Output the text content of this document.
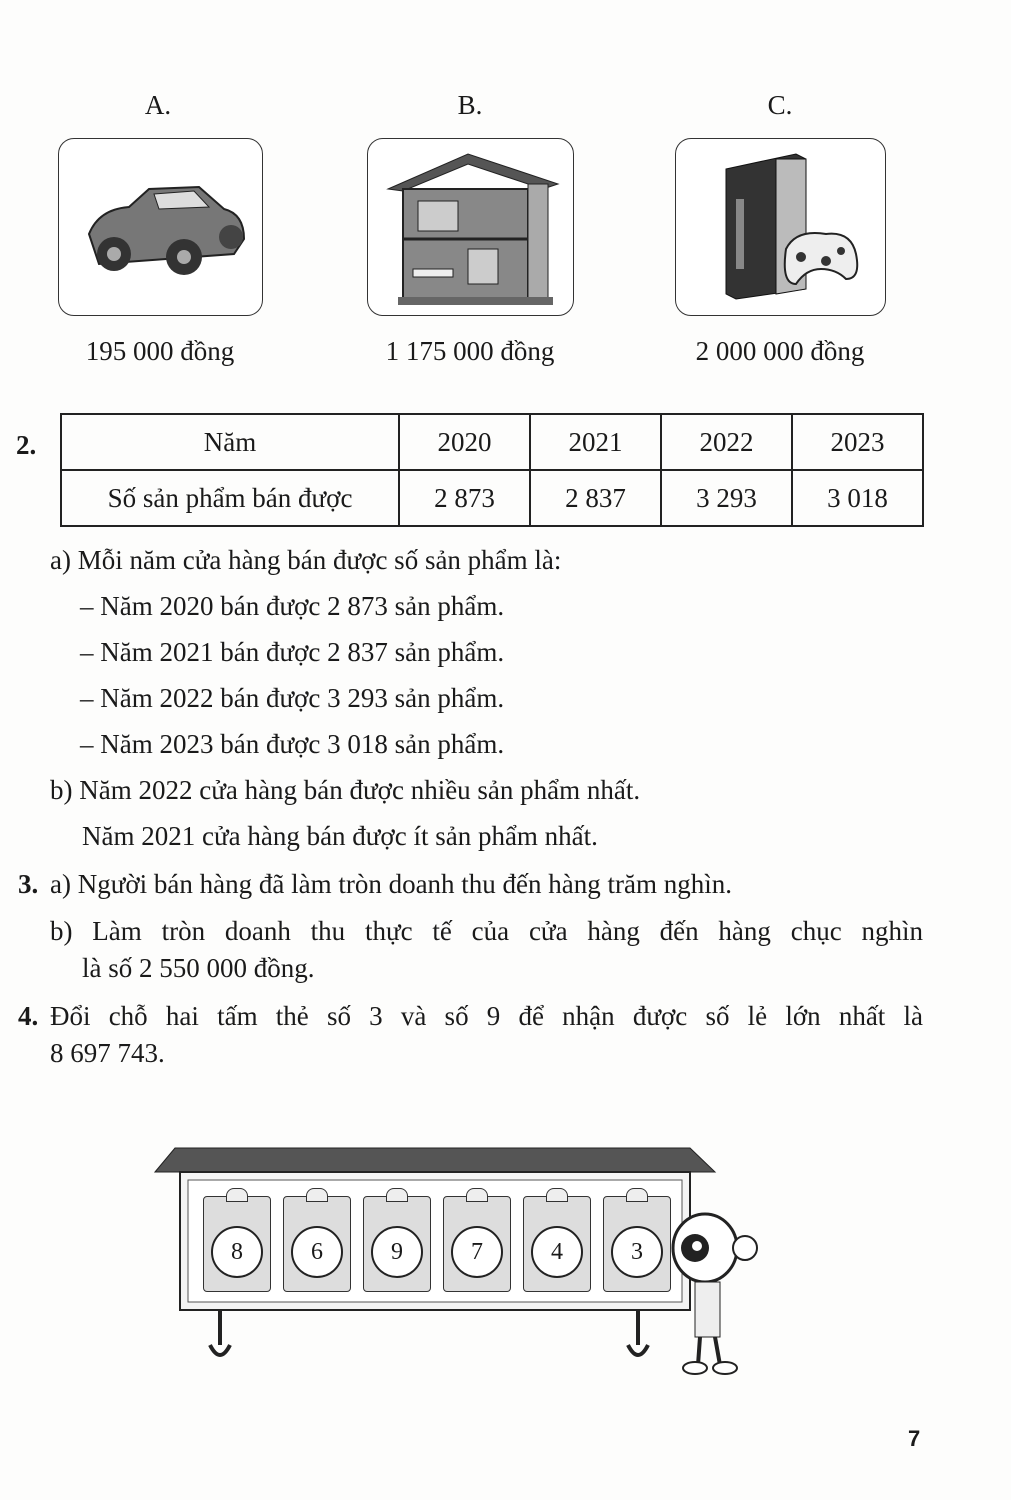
A.	B.	C.
195 000 đồng	1 175 000 đồng	2 000 000 đồng
2.	Năm	2020	2021	2022	2023
Số sản phẩm bán được	2 873	2 837	3 293	3 018
a) Mỗi năm cửa hàng bán được số sản phẩm là:
– Năm 2020 bán được 2 873 sản phẩm.
– Năm 2021 bán được 2 837 sản phẩm.
– Năm 2022 bán được 3 293 sản phẩm.
– Năm 2023 bán được 3 018 sản phẩm.
b) Năm 2022 cửa hàng bán được nhiều sản phẩm nhất.
Năm 2021 cửa hàng bán được ít sản phẩm nhất.
3. a) Người bán hàng đã làm tròn doanh thu đến hàng trăm nghìn.
b) Làm tròn doanh thu thực tế của cửa hàng đến hàng chục nghìn
là số 2 550 000 đồng.
4. Đổi chỗ hai tấm thẻ số 3 và số 9 để nhận được số lẻ lớn nhất là
8 697 743.
8	6	9	7	4	3
7
